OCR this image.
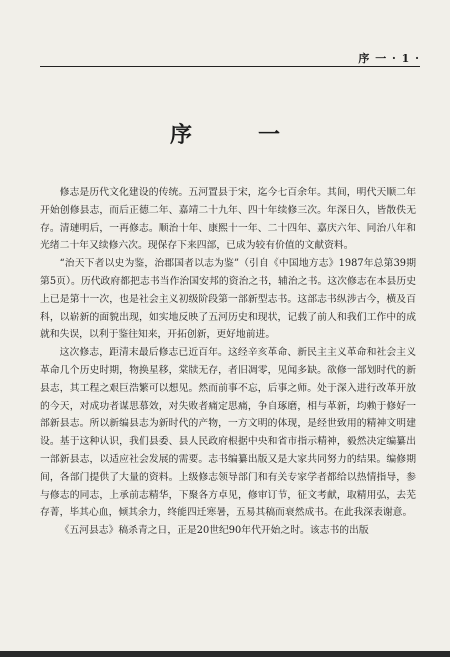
序 一 · 1 ·
序　一

修志是历代文化建设的传统。五河置县于宋，迄今七百余年。其间，明代天顺二年开始创修县志，而后正德二年、嘉靖二十九年、四十年续修三次。年深日久，皆散佚无存。清璉明后，一再修志。顺治十年、康熙十一年、二十四年、嘉庆六年、同治八年和光绪二十年又续修六次。现保存下来四部，已成为较有价值的文献资料。

“治天下者以史为鉴，治郡国者以志为鉴”（引自《中国地方志》1987年总第39期第5页）。历代政府都把志书当作治国安邦的资治之书，辅治之书。这次修志在本县历史上已是第十一次，也是社会主义初级阶段第一部新型志书。这部志书纵涉古今，横及百科，以崭新的面貌出现，如实地反映了五河历史和现状，记载了前人和我们工作中的成就和失误，以利于鉴往知来，开拓创新，更好地前进。

这次修志，距清末最后修志已近百年。这经辛亥革命、新民主主义革命和社会主义革命几个历史时期，物换星移，棠牍无存，者旧凋零，见闻多缺。欲修一部划时代的新县志，其工程之艰巨浩繁可以想见。然而前事不忘，后事之师。处于深入进行改革开放的今天，对成功者谋思慕效，对失败者痛定思痛，争自琢磨，相与革新，均赖于修好一部新县志。所以新编县志为新时代的产物，一方文明的体现，是经世致用的精神文明建设。基于这种认识，我们县委、县人民政府根据中央和省市指示精神，毅然决定编纂出一部新县志，以适应社会发展的需要。志书编纂出版又是大家共同努力的结果。编修期间，各部门提供了大量的资料。上级修志领导部门和有关专家学者都给以热情指导，参与修志的同志，上承前志精华，下聚各方卓见，修审订节，征文考献，取精用弘，去芜存菁，毕其心血，倾其余力，终能四迁寒暑，五易其稿而衰然成书。在此我深表谢意。

《五河县志》稿杀青之日，正是20世纪90年代开始之时。该志书的出版
